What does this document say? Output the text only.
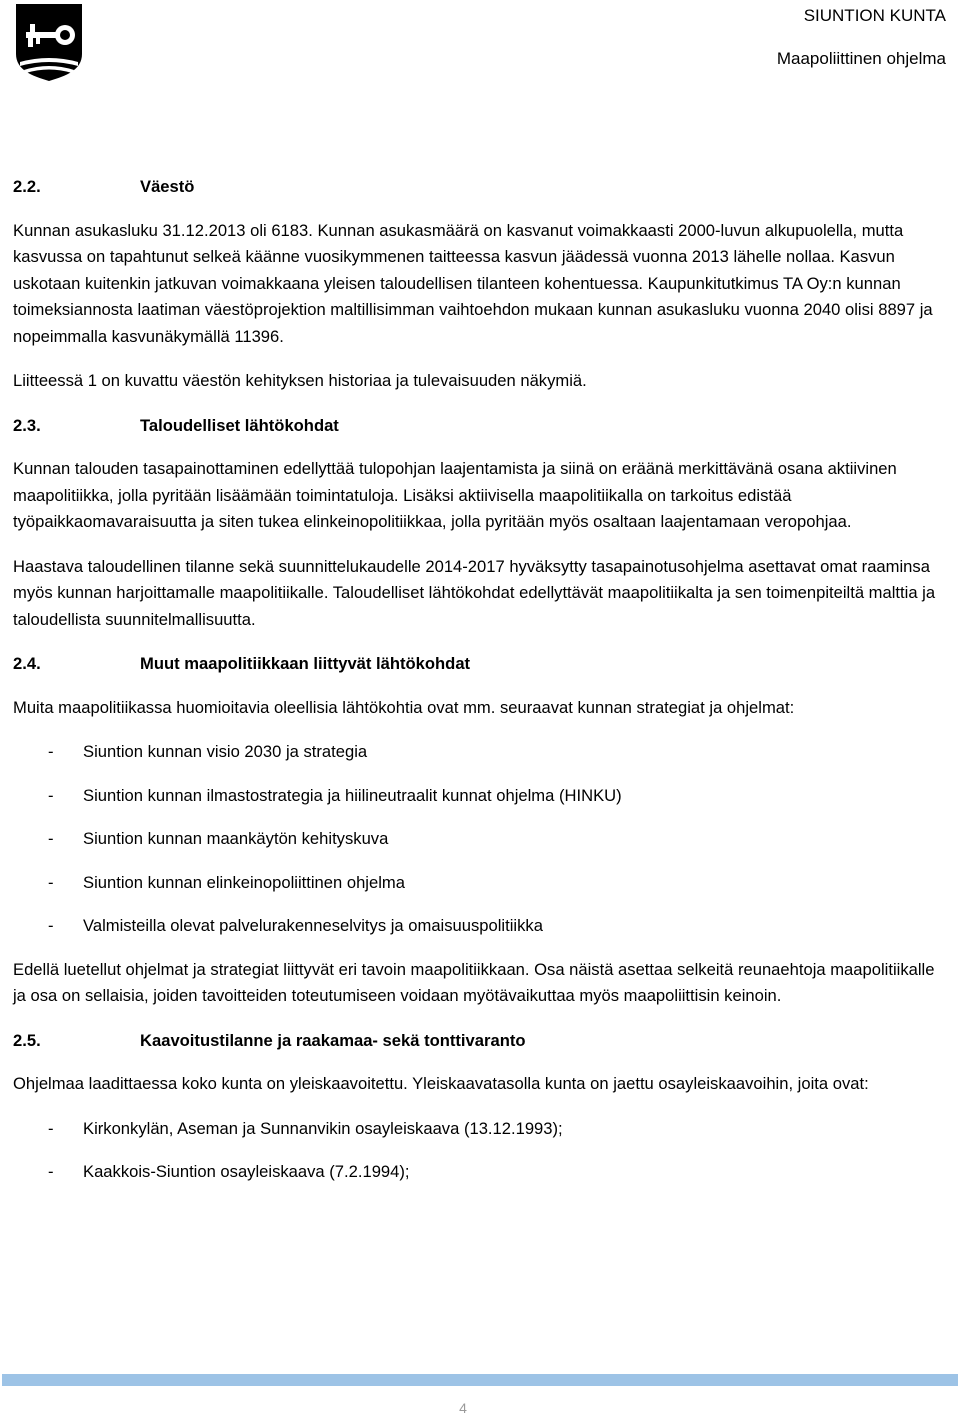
SIUNTION KUNTA
Maapoliittinen ohjelma
2.2.	Väestö

Kunnan asukasluku 31.12.2013 oli 6183. Kunnan asukasmäärä on kasvanut voimakkaasti 2000-luvun alkupuolella, mutta kasvussa on tapahtunut selkeä käänne vuosikymmenen taitteessa kasvun jäädessä vuonna 2013 lähelle nollaa. Kasvun uskotaan kuitenkin jatkuvan voimakkaana yleisen taloudellisen tilanteen kohentuessa. Kaupunkitutkimus TA Oy:n kunnan toimeksiannosta laatiman väestöprojektion maltillisimman vaihtoehdon mukaan kunnan asukasluku vuonna 2040 olisi 8897 ja nopeimmalla kasvunäkymällä 11396.

Liitteessä 1 on kuvattu väestön kehityksen historiaa ja tulevaisuuden näkymiä.

2.3.	Taloudelliset lähtökohdat

Kunnan talouden tasapainottaminen edellyttää tulopohjan laajentamista ja siinä on eräänä merkittävänä osana aktiivinen maapolitiikka, jolla pyritään lisäämään toimintatuloja. Lisäksi aktiivisella maapolitiikalla on tarkoitus edistää työpaikkaomavaraisuutta ja siten tukea elinkeinopolitiikkaa, jolla pyritään myös osaltaan laajentamaan veropohjaa.

Haastava taloudellinen tilanne sekä suunnittelukaudelle 2014-2017 hyväksytty tasapainotusohjelma asettavat omat raaminsa myös kunnan harjoittamalle maapolitiikalle. Taloudelliset lähtökohdat edellyttävät maapolitiikalta ja sen toimenpiteiltä malttia ja taloudellista suunnitelmallisuutta.

2.4.	Muut maapolitiikkaan liittyvät lähtökohdat

Muita maapolitiikassa huomioitavia oleellisia lähtökohtia ovat mm. seuraavat kunnan strategiat ja ohjelmat:

- Siuntion kunnan visio 2030 ja strategia
- Siuntion kunnan ilmastostrategia ja hiilineutraalit kunnat ohjelma (HINKU)
- Siuntion kunnan maankäytön kehityskuva
- Siuntion kunnan elinkeinopoliittinen ohjelma
- Valmisteilla olevat palvelurakenneselvitys ja omaisuuspolitiikka

Edellä luetellut ohjelmat ja strategiat liittyvät eri tavoin maapolitiikkaan. Osa näistä asettaa selkeitä reunaehtoja maapolitiikalle ja osa on sellaisia, joiden tavoitteiden toteutumiseen voidaan myötävaikuttaa myös maapoliittisin keinoin.

2.5.	Kaavoitustilanne ja raakamaa- sekä tonttivaranto

Ohjelmaa laadittaessa koko kunta on yleiskaavoitettu. Yleiskaavatasolla kunta on jaettu osayleiskaavoihin, joita ovat:

- Kirkonkylän, Aseman ja Sunnanvikin osayleiskaava (13.12.1993);
- Kaakkois-Siuntion osayleiskaava (7.2.1994);
4
